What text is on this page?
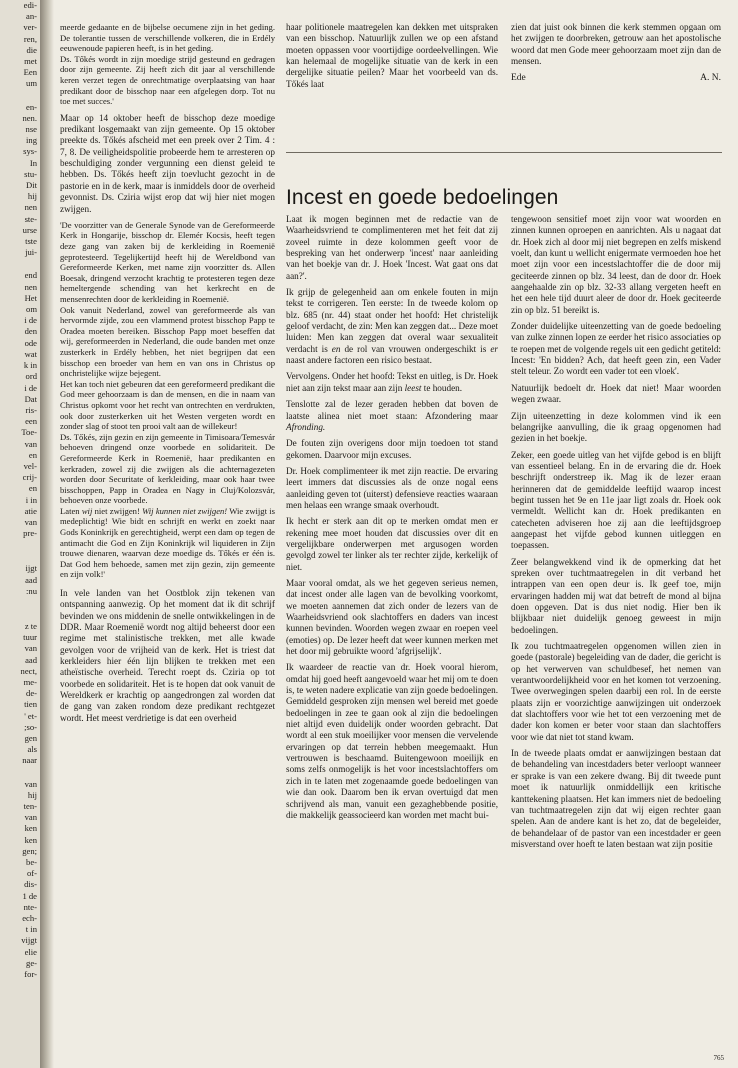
edi-

an-

ver-

ren,

die

met

Een

um

en-

nen.

nse

ing

sys-

In

stu-

Dit

hij

nen

ste-

urse

tste

jui-

end

nen

Het

om

i de

den

ode

wat

k in

ord

i de

Dat

ris-

een

Toe-

van

en

vel-

crij-

en

i in

atie

van

pre-

ijgt

aad

:nu

z te

tuur

van

aad

nect,

me-

de-

tien

' et-

;so-

gen

als

naar

van

hij

ten-

van

ken

ken

gen;

be-

of-

dis-

1 de

nte-

ech-

t in

vijgt

elie

ge-

for-

meerde gedaante en de bijbelse oecumene zijn in het geding. De tolerantie tussen de verschillende volkeren, die in Erdély eeuwenoude papieren heeft, is in het geding.

Ds. Tőkés wordt in zijn moedige strijd gesteund en gedragen door zijn gemeente. Zij heeft zich dit jaar al verschillende keren verzet tegen de onrechtmatige overplaatsing van haar predikant door de bisschop naar een afgelegen dorp. Tot nu toe met succes.'

Maar op 14 oktober heeft de bisschop deze moedige predikant losgemaakt van zijn gemeente. Op 15 oktober preekte ds. Tőkés afscheid met een preek over 2 Tim. 4 : 7, 8. De veiligheidspolitie probeerde hem te arresteren op beschuldiging zonder vergunning een dienst geleid te hebben. Ds. Tőkés heeft zijn toevlucht gezocht in de pastorie en in de kerk, maar is inmiddels door de overheid gevonnist. Ds. Cziria wijst erop dat wij hier niet mogen zwijgen.

'De voorzitter van de Generale Synode van de Gereformeerde Kerk in Hongarije, bisschop dr. Elemér Kocsis, heeft tegen deze gang van zaken bij de kerkleiding in Roemenië geprotesteerd. Tegelijkertijd heeft hij de Wereldbond van Gereformeerde Kerken, met name zijn voorzitter ds. Allen Boesak, dringend verzocht krachtig te protesteren tegen deze hemeltergende schending van het kerkrecht en de mensenrechten door de kerkleiding in Roemenië.

Ook vanuit Nederland, zowel van gereformeerde als van hervormde zijde, zou een vlammend protest bisschop Papp te Oradea moeten bereiken. Bisschop Papp moet beseffen dat wij, gereformeerden in Nederland, die oude banden met onze zusterkerk in Erdély hebben, het niet begrijpen dat een bisschop een broeder van hem en van ons in Christus op onchristelijke wijze bejegent.

Het kan toch niet gebeuren dat een gereformeerd predikant die God meer gehoorzaam is dan de mensen, en die in naam van Christus opkomt voor het recht van ontrechten en verdrukten, ook door zusterkerken uit het Westen vergeten wordt en zonder slag of stoot ten prooi valt aan de willekeur!

Ds. Tőkés, zijn gezin en zijn gemeente in Timisoara/Temesvár behoeven dringend onze voorbede en solidariteit. De Gereformeerde Kerk in Roemenië, haar predikanten en kerkraden, zowel zij die zwijgen als die achternagezeten worden door Securitate of kerkleiding, maar ook haar twee bisschoppen, Papp in Oradea en Nagy in Cluj/Kolozsvár, behoeven onze voorbede.

Laten wij niet zwijgen! Wij kunnen niet zwijgen! Wie zwijgt is medeplichtig! Wie bidt en schrijft en werkt en zoekt naar Gods Koninkrijk en gerechtigheid, werpt een dam op tegen de antimacht die God en Zijn Koninkrijk wil liquideren in Zijn trouwe dienaren, waarvan deze moedige ds. Tőkés er één is. Dat God hem behoede, samen met zijn gezin, zijn gemeente en zijn volk!'

In vele landen van het Oostblok zijn tekenen van ontspanning aanwezig. Op het moment dat ik dit schrijf bevinden we ons middenin de snelle ontwikkelingen in de DDR. Maar Roemenië wordt nog altijd beheerst door een regime met stalinistische trekken, met alle kwade gevolgen voor de vrijheid van de kerk. Het is triest dat kerkleiders hier één lijn blijken te trekken met een atheïstische overheid. Terecht roept ds. Cziria op tot voorbede en solidariteit. Het is te hopen dat ook vanuit de Wereldkerk er krachtig op aangedrongen zal worden dat de gang van zaken rondom deze predikant rechtgezet wordt. Het meest verdrietige is dat een overheid

haar politionele maatregelen kan dekken met uitspraken van een bisschop. Natuurlijk zullen we op een afstand moeten oppassen voor voortijdige oordeelvellingen. Wie kan helemaal de mogelijke situatie van de kerk in een dergelijke situatie peilen? Maar het voorbeeld van ds. Tőkés laat

zien dat juist ook binnen die kerk stemmen opgaan om het zwijgen te doorbreken, getrouw aan het apostolische woord dat men Gode meer gehoorzaam moet zijn dan de mensen.

Ede	A. N.
Incest en goede bedoelingen

Laat ik mogen beginnen met de redactie van de Waarheidsvriend te complimenteren met het feit dat zij zoveel ruimte in deze kolommen geeft voor de bespreking van het onderwerp 'incest' naar aanleiding van het boekje van dr. J. Hoek 'Incest. Wat gaat ons dat aan?'.

Ik grijp de gelegenheid aan om enkele fouten in mijn tekst te corrigeren. Ten eerste: In de tweede kolom op blz. 685 (nr. 44) staat onder het hoofd: Het christelijk geloof verdacht, de zin: Men kan zeggen dat... Deze moet luiden: Men kan zeggen dat overal waar sexualiteit verdacht is en de rol van vrouwen ondergeschikt is er naast andere factoren een risico bestaat.

Vervolgens. Onder het hoofd: Tekst en uitleg, is Dr. Hoek niet aan zijn tekst maar aan zijn leest te houden.

Tenslotte zal de lezer geraden hebben dat boven de laatste alinea niet moet staan: Afzondering maar Afronding.

De fouten zijn overigens door mijn toedoen tot stand gekomen. Daarvoor mijn excuses.

Dr. Hoek complimenteer ik met zijn reactie. De ervaring leert immers dat discussies als de onze nogal eens aanleiding geven tot (uiterst) defensieve reacties waaraan men helaas een wrange smaak overhoudt.

Ik hecht er sterk aan dit op te merken omdat men er rekening mee moet houden dat discussies over dit en vergelijkbare onderwerpen met argusogen worden gevolgd zowel ter linker als ter rechter zijde, kerkelijk of niet.

Maar vooral omdat, als we het gegeven serieus nemen, dat incest onder alle lagen van de bevolking voorkomt, we moeten aannemen dat zich onder de lezers van de Waarheidsvriend ook slachtoffers en daders van incest kunnen bevinden. Woorden wegen zwaar en roepen veel (emoties) op. De lezer heeft dat weer kunnen merken met het door mij gebruikte woord 'afgrijselijk'.

Ik waardeer de reactie van dr. Hoek vooral hierom, omdat hij goed heeft aangevoeld waar het mij om te doen is, te weten nadere explicatie van zijn goede bedoelingen. Gemiddeld gesproken zijn mensen wel bereid met goede bedoelingen in zee te gaan ook al zijn die bedoelingen niet altijd even duidelijk onder woorden gebracht. Dat wordt al een stuk moeilijker voor mensen die vervelende ervaringen op dat terrein hebben meegemaakt. Hun vertrouwen is beschaamd. Buitengewoon moeilijk en soms zelfs onmogelijk is het voor incestslachtoffers om zich in te laten met zogenaamde goede bedoelingen van wie dan ook. Daarom ben ik ervan overtuigd dat men schrijvend als man, vanuit een gezaghebbende positie, die makkelijk geassocieerd kan worden met macht bui-

tengewoon sensitief moet zijn voor wat woorden en zinnen kunnen oproepen en aanrichten. Als u nagaat dat dr. Hoek zich al door mij niet begrepen en zelfs miskend voelt, dan kunt u wellicht enigermate vermoeden hoe het moet zijn voor een incestslachtoffer die de door mij geciteerde zinnen op blz. 34 leest, dan de door dr. Hoek aangehaalde zin op blz. 32-33 allang vergeten heeft en het een hele tijd duurt aleer de door dr. Hoek geciteerde zin op blz. 51 bereikt is.

Zonder duidelijke uiteenzetting van de goede bedoeling van zulke zinnen lopen ze eerder het risico associaties op te roepen met de volgende regels uit een gedicht getiteld: Incest: 'En bidden? Ach, dat heeft geen zin, een Vader stelt teleur. Zo wordt een vader tot een vloek'.

Natuurlijk bedoelt dr. Hoek dat niet! Maar woorden wegen zwaar.

Zijn uiteenzetting in deze kolommen vind ik een belangrijke aanvulling, die ik graag opgenomen had gezien in het boekje.

Zeker, een goede uitleg van het vijfde gebod is en blijft van essentieel belang. En in de ervaring die dr. Hoek beschrijft onderstreep ik. Mag ik de lezer eraan herinneren dat de gemiddelde leeftijd waarop incest begint tussen het 9e en 11e jaar ligt zoals dr. Hoek ook vermeldt. Wellicht kan dr. Hoek predikanten en catecheten adviseren hoe zij aan die leeftijdsgroep aangepast het vijfde gebod kunnen uitleggen en toepassen.

Zeer belangwekkend vind ik de opmerking dat het spreken over tuchtmaatregelen in dit verband het intrappen van een open deur is. Ik geef toe, mijn ervaringen hadden mij wat dat betreft de mond al bijna doen opgeven. Dat is dus niet nodig. Hier ben ik blijkbaar niet duidelijk genoeg geweest in mijn bedoelingen.

Ik zou tuchtmaatregelen opgenomen willen zien in goede (pastorale) begeleiding van de dader, die gericht is op het verwerven van schuldbesef, het nemen van verantwoordelijkheid voor en het komen tot verzoening. Twee overwegingen spelen daarbij een rol. In de eerste plaats zijn er voorzichtige aanwijzingen uit onderzoek dat slachtoffers voor wie het tot een verzoening met de dader kon komen er beter voor staan dan slachtoffers voor wie dat niet tot stand kwam.

In de tweede plaats omdat er aanwijzingen bestaan dat de behandeling van incestdaders beter verloopt wanneer er sprake is van een zekere dwang. Bij dit tweede punt moet ik natuurlijk onmiddellijk een kritische kanttekening plaatsen. Het kan immers niet de bedoeling van tuchtmaatregelen zijn dat wij eigen rechter gaan spelen. Aan de andere kant is het zo, dat de begeleider, de behandelaar of de pastor van een incestdader er geen misverstand over hoeft te laten bestaan wat zijn positie

765
